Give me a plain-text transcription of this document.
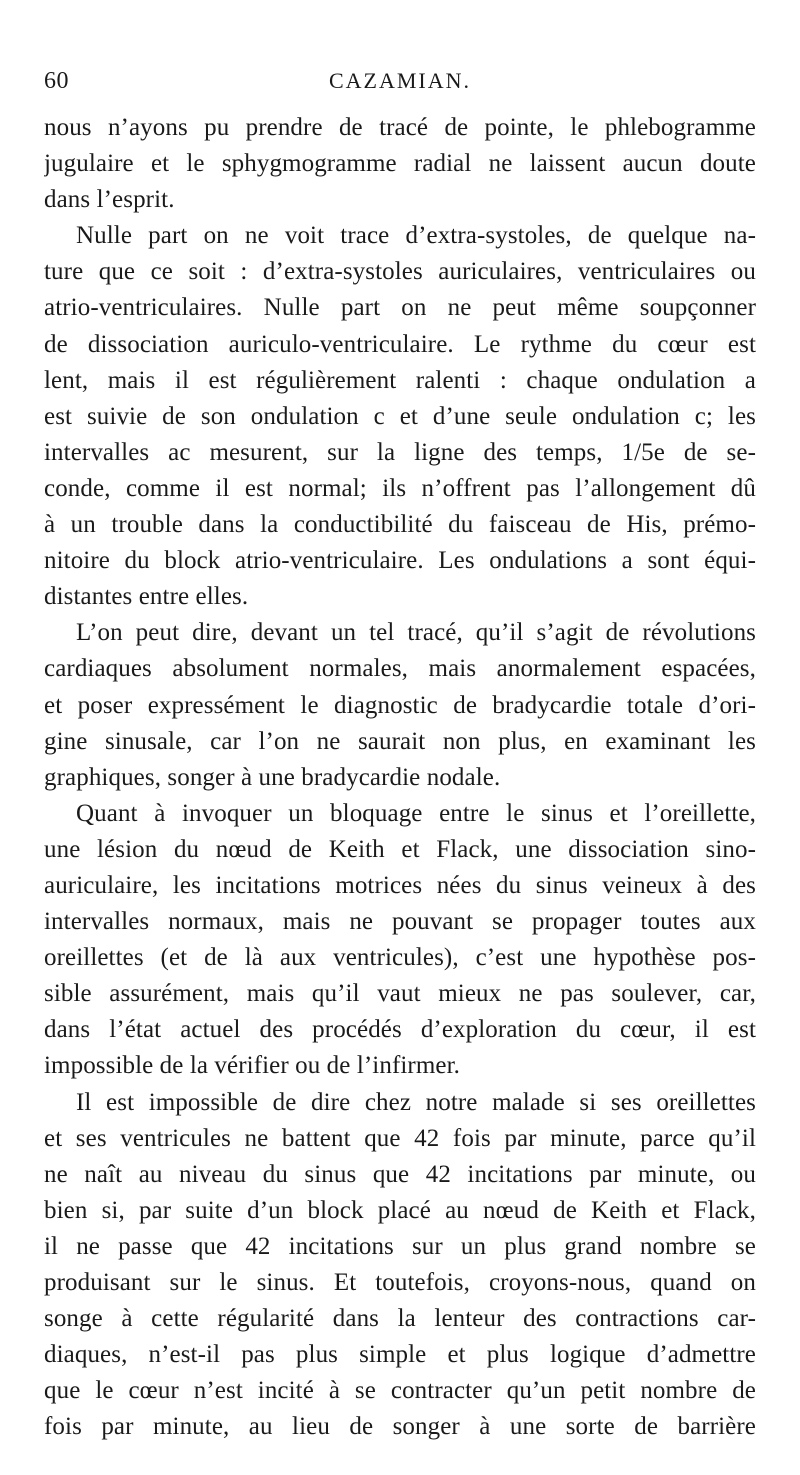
60	CAZAMIAN.
nous n’ayons pu prendre de tracé de pointe, le phlebogramme
jugulaire et le sphygmogramme radial ne laissent aucun doute
dans l’esprit.
Nulle part on ne voit trace d’extra-systoles, de quelque na-
ture que ce soit : d’extra-systoles auriculaires, ventriculaires ou
atrio-ventriculaires. Nulle part on ne peut même soupçonner
de dissociation auriculo-ventriculaire. Le rythme du cœur est
lent, mais il est régulièrement ralenti : chaque ondulation a
est suivie de son ondulation c et d’une seule ondulation c; les
intervalles ac mesurent, sur la ligne des temps, 1/5e de se-
conde, comme il est normal; ils n’offrent pas l’allongement dû
à un trouble dans la conductibilité du faisceau de His, prémo-
nitoire du block atrio-ventriculaire. Les ondulations a sont équi-
distantes entre elles.
L’on peut dire, devant un tel tracé, qu’il s’agit de révolutions
cardiaques absolument normales, mais anormalement espacées,
et poser expressément le diagnostic de bradycardie totale d’ori-
gine sinusale, car l’on ne saurait non plus, en examinant les
graphiques, songer à une bradycardie nodale.
Quant à invoquer un bloquage entre le sinus et l’oreillette,
une lésion du nœud de Keith et Flack, une dissociation sino-
auriculaire, les incitations motrices nées du sinus veineux à des
intervalles normaux, mais ne pouvant se propager toutes aux
oreillettes (et de là aux ventricules), c’est une hypothèse pos-
sible assurément, mais qu’il vaut mieux ne pas soulever, car,
dans l’état actuel des procédés d’exploration du cœur, il est
impossible de la vérifier ou de l’infirmer.
Il est impossible de dire chez notre malade si ses oreillettes
et ses ventricules ne battent que 42 fois par minute, parce qu’il
ne naît au niveau du sinus que 42 incitations par minute, ou
bien si, par suite d’un block placé au nœud de Keith et Flack,
il ne passe que 42 incitations sur un plus grand nombre se
produisant sur le sinus. Et toutefois, croyons-nous, quand on
songe à cette régularité dans la lenteur des contractions car-
diaques, n’est-il pas plus simple et plus logique d’admettre
que le cœur n’est incité à se contracter qu’un petit nombre de
fois par minute, au lieu de songer à une sorte de barrière
